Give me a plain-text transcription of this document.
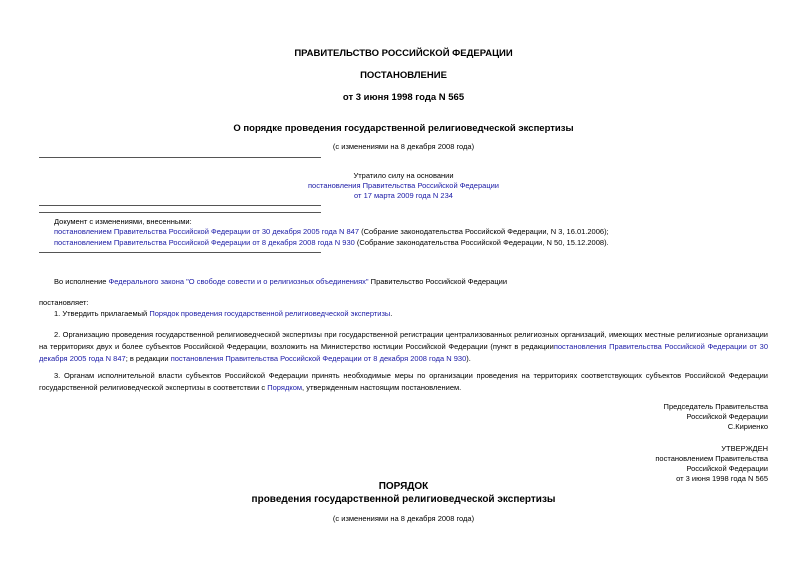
ПРАВИТЕЛЬСТВО РОССИЙСКОЙ ФЕДЕРАЦИИ
ПОСТАНОВЛЕНИЕ
от 3 июня 1998 года N 565
О порядке проведения государственной религиоведческой экспертизы
(с изменениями на 8 декабря 2008 года)
Утратило силу на основании
постановления Правительства Российской Федерации
от 17 марта 2009 года N 234
Документ с изменениями, внесенными:
постановлением Правительства Российской Федерации от 30 декабря 2005 года N 847 (Собрание законодательства Российской Федерации, N 3, 16.01.2006);
постановлением Правительства Российской Федерации от 8 декабря 2008 года N 930 (Собрание законодательства Российской Федерации, N 50, 15.12.2008).
Во исполнение Федерального закона "О свободе совести и о религиозных объединениях" Правительство Российской Федерации
постановляет:
1. Утвердить прилагаемый Порядок проведения государственной религиоведческой экспертизы.
2. Организацию проведения государственной религиоведческой экспертизы при государственной регистрации централизованных религиозных организаций, имеющих местные религиозные организации на территориях двух и более субъектов Российской Федерации, возложить на Министерство юстиции Российской Федерации (пункт в редакциипостановления Правительства Российской Федерации от 30 декабря 2005 года N 847; в редакции постановления Правительства Российской Федерации от 8 декабря 2008 года N 930).
3. Органам исполнительной власти субъектов Российской Федерации принять необходимые меры по организации проведения на территориях соответствующих субъектов Российской Федерации государственной религиоведческой экспертизы в соответствии с Порядком, утвержденным настоящим постановлением.
Председатель Правительства
Российской Федерации
С.Кириенко
УТВЕРЖДЕН
постановлением Правительства
Российской Федерации
от 3 июня 1998 года N 565
ПОРЯДОК
проведения государственной религиоведческой экспертизы
(с изменениями на 8 декабря 2008 года)
